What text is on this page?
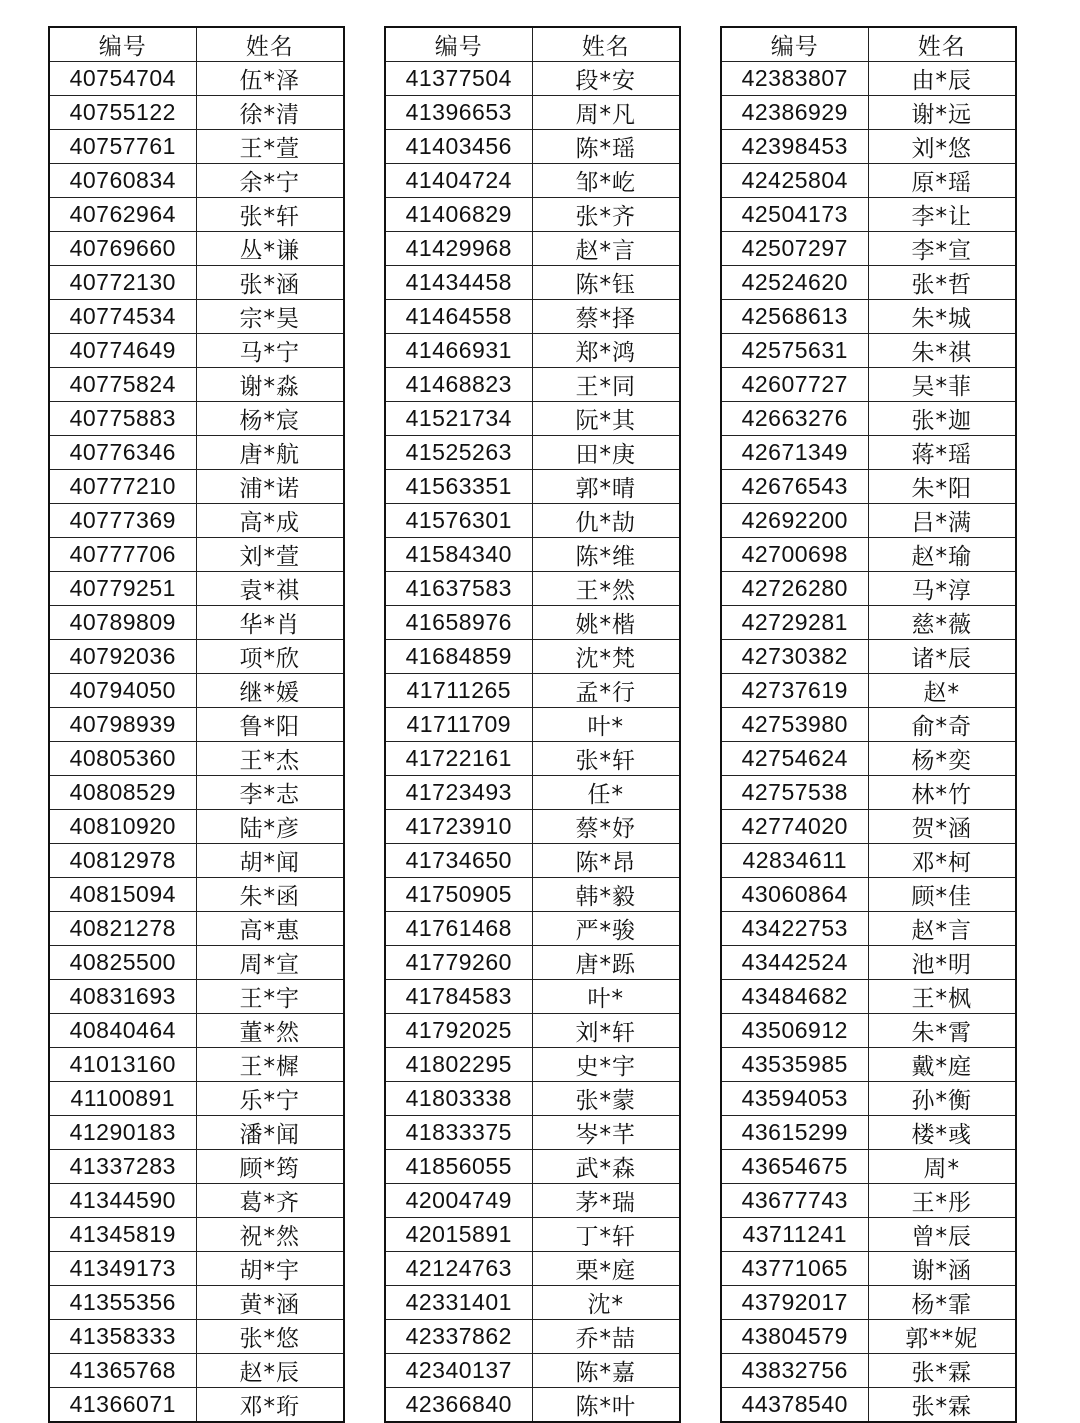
编号	姓名
40754704	伍*泽
40755122	徐*清
40757761	王*萱
40760834	余*宁
40762964	张*轩
40769660	丛*谦
40772130	张*涵
40774534	宗*昊
40774649	马*宁
40775824	谢*淼
40775883	杨*宸
40776346	唐*航
40777210	浦*诺
40777369	高*成
40777706	刘*萱
40779251	袁*祺
40789809	华*肖
40792036	项*欣
40794050	继*媛
40798939	鲁*阳
40805360	王*杰
40808529	李*志
40810920	陆*彦
40812978	胡*闻
40815094	朱*函
40821278	高*惠
40825500	周*宣
40831693	王*宇
40840464	董*然
41013160	王*樨
41100891	乐*宁
41290183	潘*闻
41337283	顾*筠
41344590	葛*齐
41345819	祝*然
41349173	胡*宇
41355356	黄*涵
41358333	张*悠
41365768	赵*辰
41366071	邓*珩
编号	姓名
41377504	段*安
41396653	周*凡
41403456	陈*瑶
41404724	邹*屹
41406829	张*齐
41429968	赵*言
41434458	陈*钰
41464558	蔡*择
41466931	郑*鸿
41468823	王*同
41521734	阮*其
41525263	田*庚
41563351	郭*晴
41576301	仇*劼
41584340	陈*维
41637583	王*然
41658976	姚*楷
41684859	沈*梵
41711265	孟*行
41711709	叶*
41722161	张*轩
41723493	任*
41723910	蔡*妤
41734650	陈*昂
41750905	韩*毅
41761468	严*骏
41779260	唐*跞
41784583	叶*
41792025	刘*轩
41802295	史*宇
41803338	张*蒙
41833375	岑*芊
41856055	武*森
42004749	茅*瑞
42015891	丁*轩
42124763	栗*庭
42331401	沈*
42337862	乔*喆
42340137	陈*嘉
42366840	陈*叶
编号	姓名
42383807	由*辰
42386929	谢*远
42398453	刘*悠
42425804	原*瑶
42504173	李*让
42507297	李*宣
42524620	张*哲
42568613	朱*城
42575631	朱*祺
42607727	吴*菲
42663276	张*迦
42671349	蒋*瑶
42676543	朱*阳
42692200	吕*满
42700698	赵*瑜
42726280	马*淳
42729281	慈*薇
42730382	诸*辰
42737619	赵*
42753980	俞*奇
42754624	杨*奕
42757538	林*竹
42774020	贺*涵
42834611	邓*柯
43060864	顾*佳
43422753	赵*言
43442524	池*明
43484682	王*枫
43506912	朱*霄
43535985	戴*庭
43594053	孙*衡
43615299	楼*彧
43654675	周*
43677743	王*彤
43711241	曾*辰
43771065	谢*涵
43792017	杨*霏
43804579	郭**妮
43832756	张*霖
44378540	张*霖
